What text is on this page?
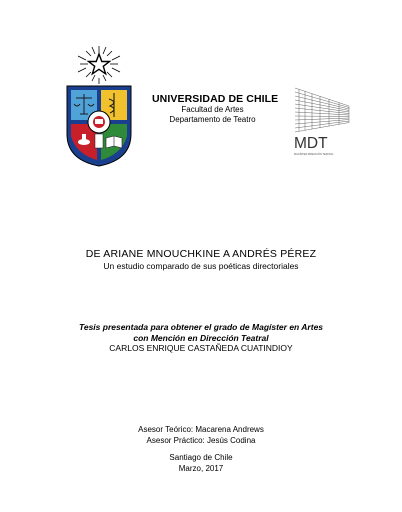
UNIVERSIDAD DE CHILE
Facultad de Artes
Departamento de Teatro
MDT
MAGÍSTER DIRECCIÓN TEATRAL
DE ARIANE MNOUCHKINE A ANDRÉS PÉREZ
Un estudio comparado de sus poéticas directoriales
Tesis presentada para obtener el grado de Magíster en Artes
con Mención en Dirección Teatral
CARLOS ENRIQUE CASTAÑEDA CUATINDIOY
Asesor Teórico: Macarena Andrews
Asesor Práctico: Jesús Codina
Santiago de Chile
Marzo, 2017
